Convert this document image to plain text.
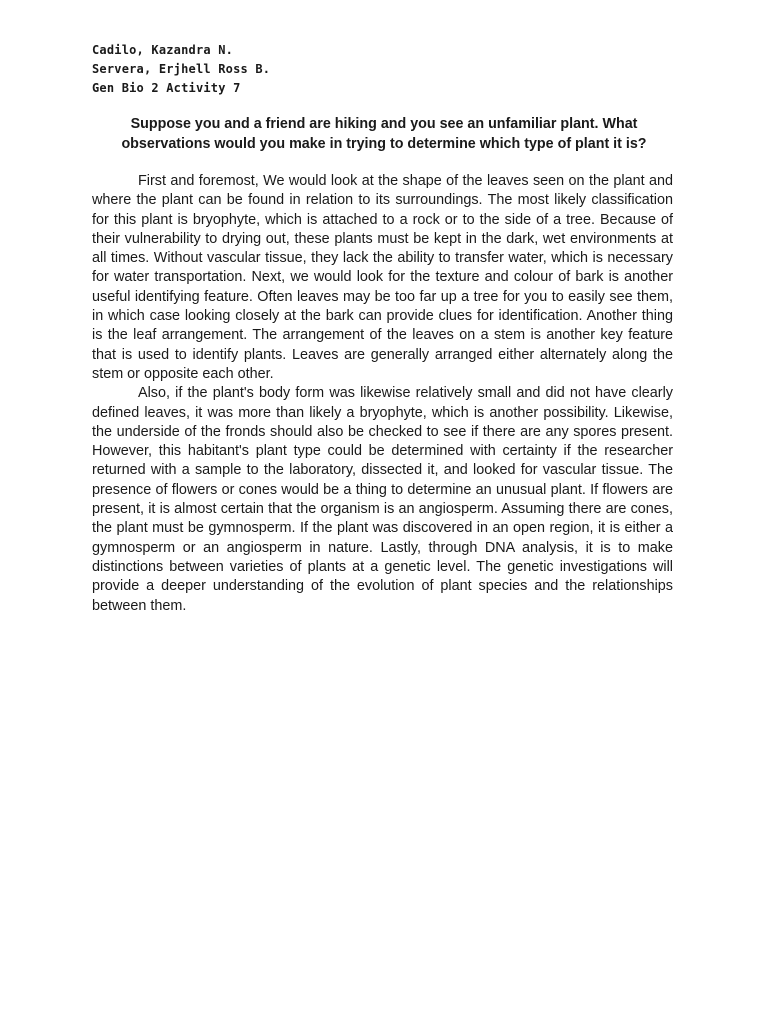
Cadilo, Kazandra N.
Servera, Erjhell Ross B.
Gen Bio 2 Activity 7
Suppose you and a friend are hiking and you see an unfamiliar plant. What observations would you make in trying to determine which type of plant it is?

First and foremost, We would look at the shape of the leaves seen on the plant and where the plant can be found in relation to its surroundings. The most likely classification for this plant is bryophyte, which is attached to a rock or to the side of a tree. Because of their vulnerability to drying out, these plants must be kept in the dark, wet environments at all times. Without vascular tissue, they lack the ability to transfer water, which is necessary for water transportation. Next, we would look for the texture and colour of bark is another useful identifying feature. Often leaves may be too far up a tree for you to easily see them, in which case looking closely at the bark can provide clues for identification. Another thing is the leaf arrangement. The arrangement of the leaves on a stem is another key feature that is used to identify plants. Leaves are generally arranged either alternately along the stem or opposite each other.

Also, if the plant's body form was likewise relatively small and did not have clearly defined leaves, it was more than likely a bryophyte, which is another possibility. Likewise, the underside of the fronds should also be checked to see if there are any spores present. However, this habitant's plant type could be determined with certainty if the researcher returned with a sample to the laboratory, dissected it, and looked for vascular tissue. The presence of flowers or cones would be a thing to determine an unusual plant. If flowers are present, it is almost certain that the organism is an angiosperm. Assuming there are cones, the plant must be gymnosperm. If the plant was discovered in an open region, it is either a gymnosperm or an angiosperm in nature. Lastly, through DNA analysis, it is to make distinctions between varieties of plants at a genetic level. The genetic investigations will provide a deeper understanding of the evolution of plant species and the relationships between them.
